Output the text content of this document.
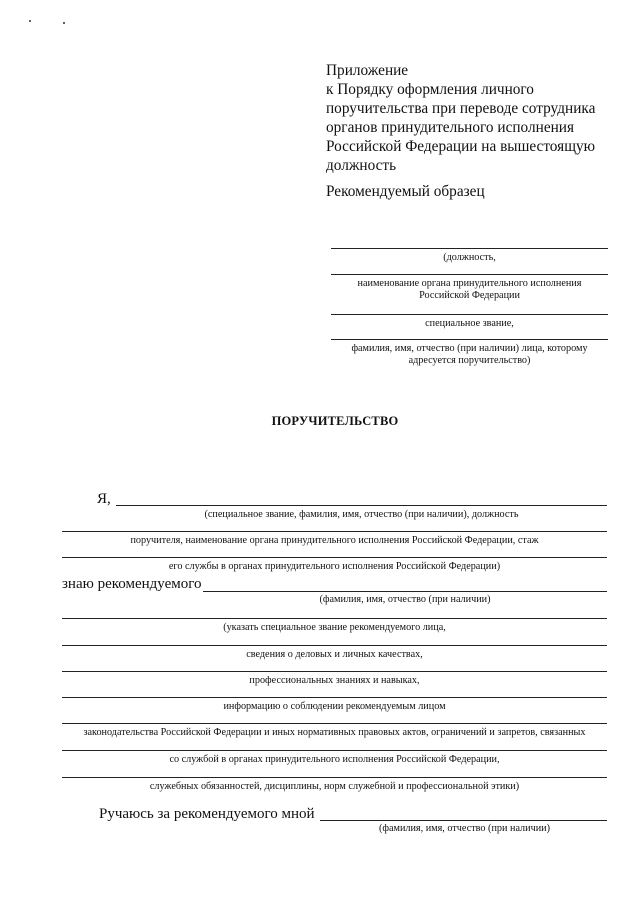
Приложение
к Порядку оформления личного
поручительства при переводе сотрудника
органов принудительного исполнения
Российской Федерации на вышестоящую
должность
Рекомендуемый образец
(должность,
наименование органа принудительного исполнения
Российской Федерации
специальное звание,
фамилия, имя, отчество (при наличии) лица, которому
адресуется поручительство)
ПОРУЧИТЕЛЬСТВО
Я,
(специальное звание, фамилия, имя, отчество (при наличии), должность
поручителя, наименование органа принудительного исполнения Российской Федерации, стаж
его службы в органах принудительного исполнения Российской Федерации)
знаю рекомендуемого
(фамилия, имя, отчество (при наличии)
(указать специальное звание рекомендуемого лица,
сведения о деловых и личных качествах,
профессиональных знаниях и навыках,
информацию о соблюдении рекомендуемым лицом
законодательства Российской Федерации и иных нормативных правовых актов, ограничений и запретов, связанных
со службой в органах принудительного исполнения Российской Федерации,
служебных обязанностей, дисциплины, норм служебной и профессиональной этики)
Ручаюсь за рекомендуемого мной
(фамилия, имя, отчество (при наличии)
